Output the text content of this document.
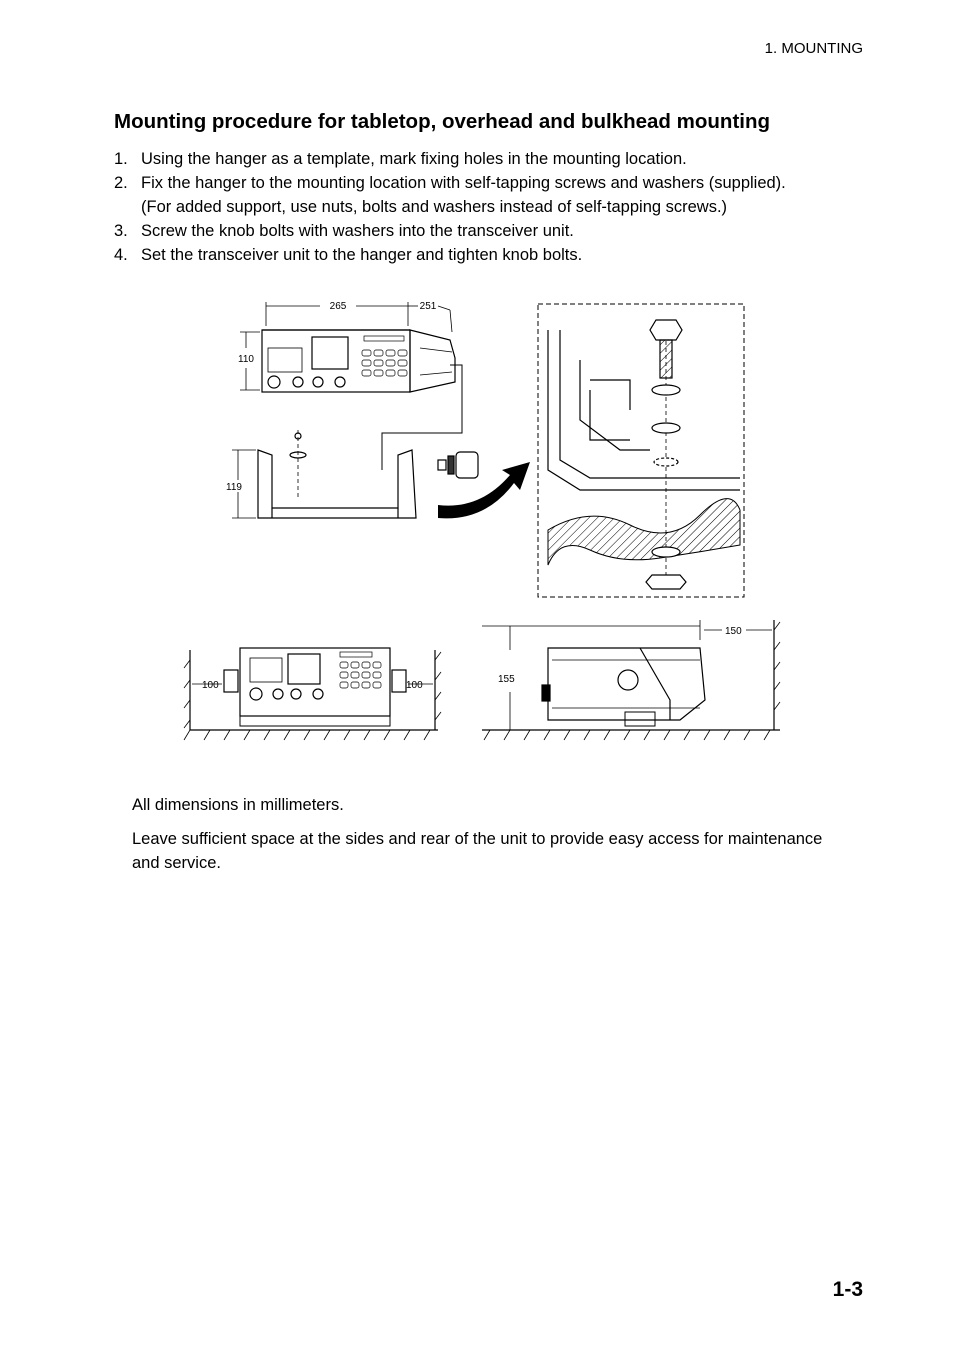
1. MOUNTING
Mounting procedure for tabletop, overhead and bulkhead mounting
1. Using the hanger as a template, mark fixing holes in the mounting location.
2. Fix the hanger to the mounting location with self-tapping screws and washers (supplied).
(For added support, use nuts, bolts and washers instead of self-tapping screws.)
3. Screw the knob bolts with washers into the transceiver unit.
4. Set the transceiver unit to the hanger and tighten knob bolts.
265	251
110
119
100	100
155
150

All dimensions in millimeters.

Leave sufficient space at the sides and rear of the unit to provide easy access for maintenance and service.

1-3
